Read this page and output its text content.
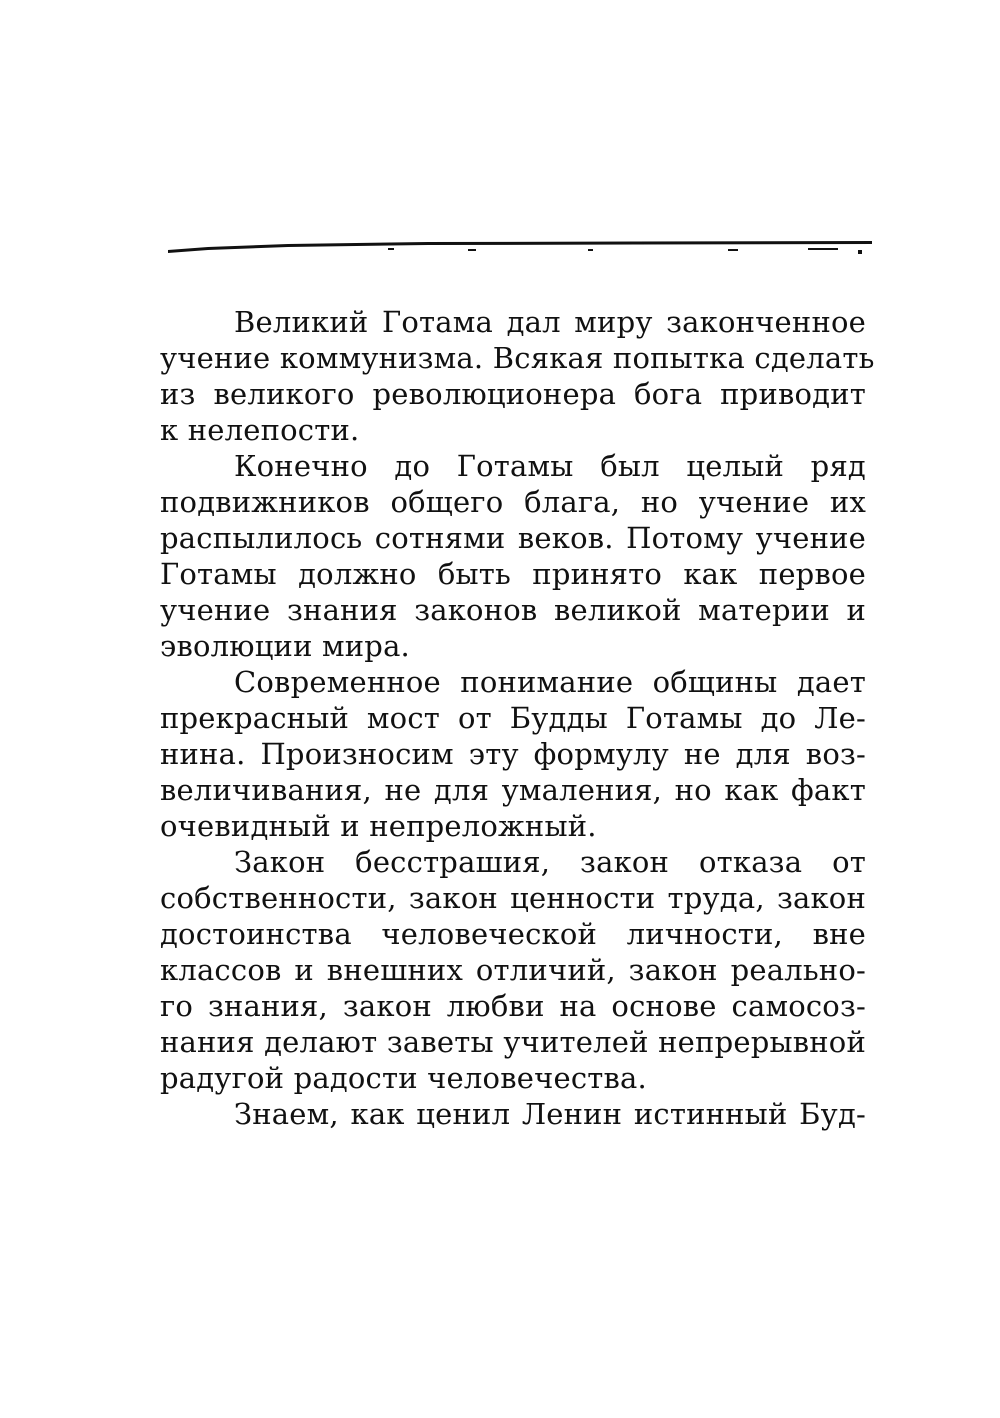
Великий Готама дал миру законченное
учение коммунизма. Всякая попытка сделать
из великого революционера бога приводит
к нелепости.
Конечно до Готамы был целый ряд
подвижников общего блага, но учение их
распылилось сотнями веков. Потому учение
Готамы должно быть принято как первое
учение знания законов великой материи и
эволюции мира.
Современное понимание общины дает
прекрасный мост от Будды Готамы до Ле-
нина. Произносим эту формулу не для воз-
величивания, не для умаления, но как факт
очевидный и непреложный.
Закон бесстрашия, закон отказа от
собственности, закон ценности труда, закон
достоинства человеческой личности, вне
классов и внешних отличий, закон реально-
го знания, закон любви на основе самосоз-
нания делают заветы учителей непрерывной
радугой радости человечества.
Знаем, как ценил Ленин истинный Буд-
